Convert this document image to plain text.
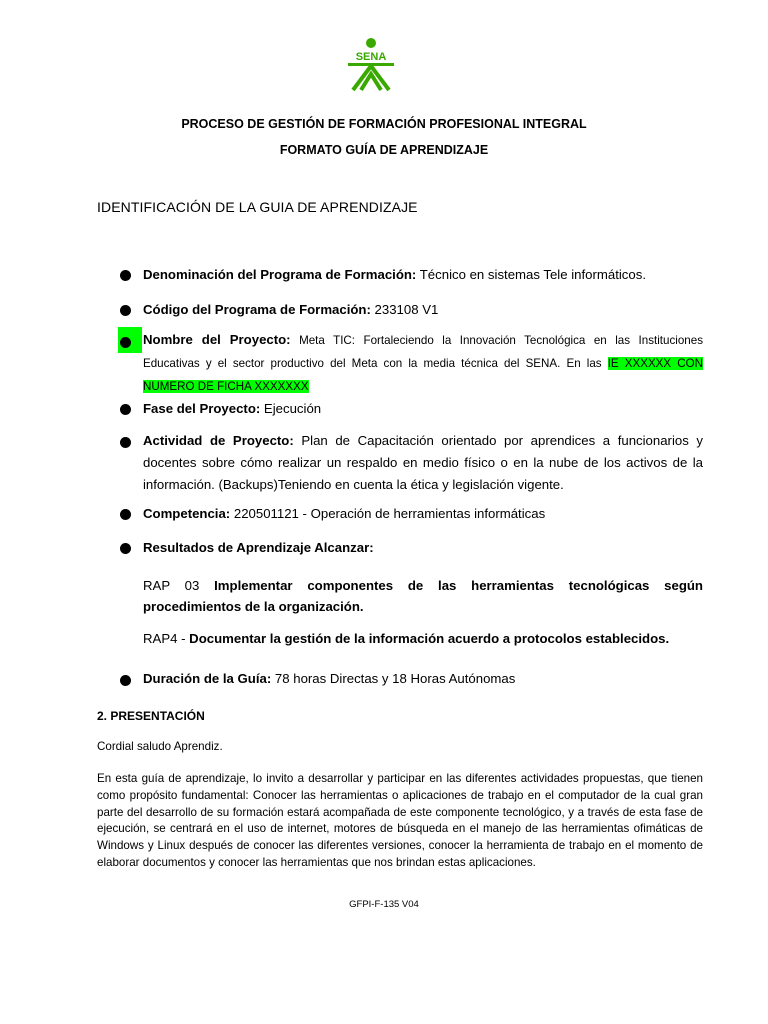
SENA
PROCESO DE GESTIÓN DE FORMACIÓN PROFESIONAL INTEGRAL
FORMATO GUÍA DE APRENDIZAJE
IDENTIFICACIÓN DE LA GUIA DE APRENDIZAJE
Denominación del Programa de Formación: Técnico en sistemas Tele informáticos.
Código del Programa de Formación: 233108 V1
Nombre del Proyecto: Meta TIC: Fortaleciendo la Innovación Tecnológica en las Instituciones Educativas y el sector productivo del Meta con la media técnica del SENA. En las IE XXXXXX CON NUMERO DE FICHA XXXXXXX
Fase del Proyecto: Ejecución
Actividad de Proyecto: Plan de Capacitación orientado por aprendices a funcionarios y docentes sobre cómo realizar un respaldo en medio físico o en la nube de los activos de la información. (Backups)Teniendo en cuenta la ética y legislación vigente.
Competencia: 220501121 - Operación de herramientas informáticas
Resultados de Aprendizaje Alcanzar:
RAP 03 Implementar componentes de las herramientas tecnológicas según procedimientos de la organización.
RAP4 - Documentar la gestión de la información acuerdo a protocolos establecidos.
Duración de la Guía: 78 horas Directas y 18 Horas Autónomas
2. PRESENTACIÓN
Cordial saludo Aprendiz.
En esta guía de aprendizaje, lo invito a desarrollar y participar en las diferentes actividades propuestas, que tienen como propósito fundamental: Conocer las herramientas o aplicaciones de trabajo en el computador de la cual gran parte del desarrollo de su formación estará acompañada de este componente tecnológico, y a través de esta fase de ejecución, se centrará en el uso de internet, motores de búsqueda en el manejo de las herramientas ofimáticas de Windows y Linux después de conocer las diferentes versiones, conocer la herramienta de trabajo en el momento de elaborar documentos y conocer las herramientas que nos brindan estas aplicaciones.
GFPI-F-135 V04
